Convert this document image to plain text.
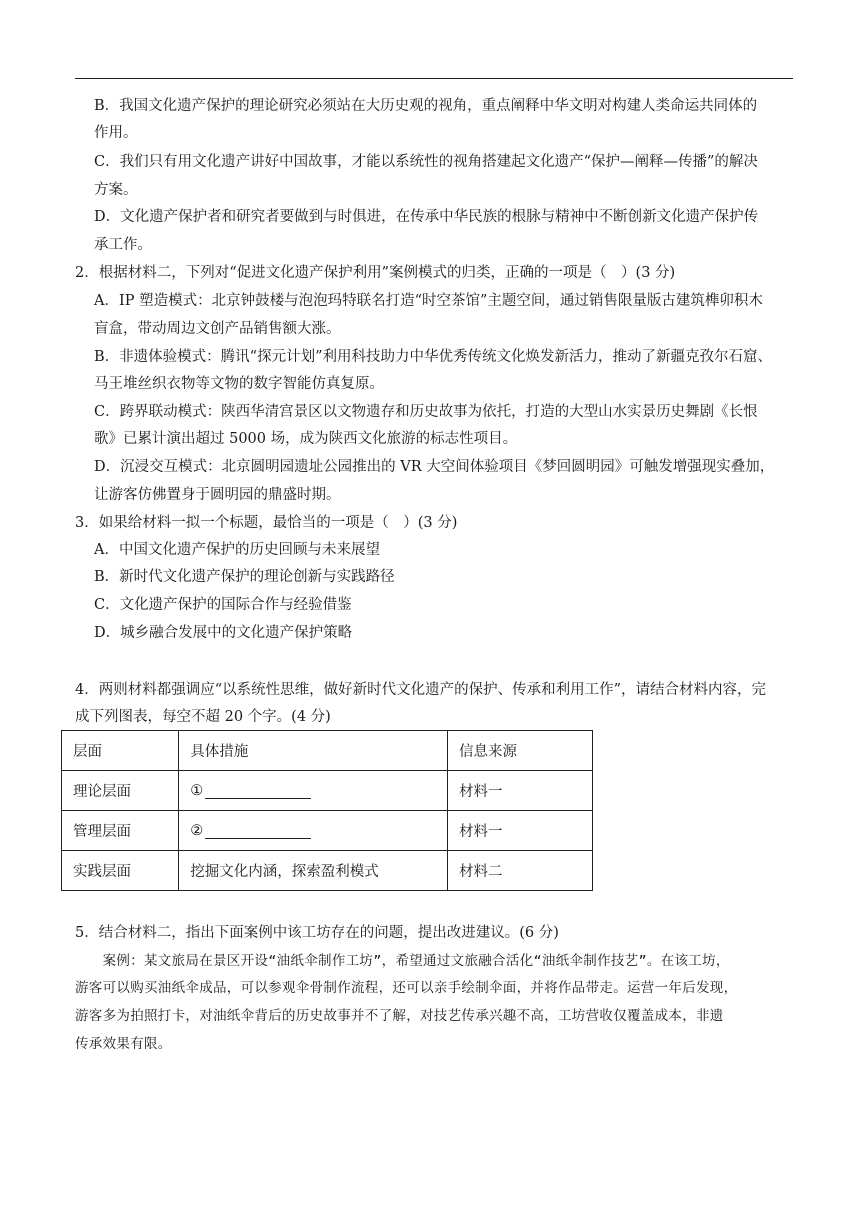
B．我国文化遗产保护的理论研究必须站在大历史观的视角，重点阐释中华文明对构建人类命运共同体的
作用。
C．我们只有用文化遗产讲好中国故事，才能以系统性的视角搭建起文化遗产“保护—阐释—传播”的解决
方案。
D．文化遗产保护者和研究者要做到与时俱进，在传承中华民族的根脉与精神中不断创新文化遗产保护传
承工作。
2．根据材料二，下列对“促进文化遗产保护利用”案例模式的归类，正确的一项是（　）(3 分)
A．IP 塑造模式：北京钟鼓楼与泡泡玛特联名打造“时空茶馆”主题空间，通过销售限量版古建筑榫卯积木
盲盒，带动周边文创产品销售额大涨。
B．非遗体验模式：腾讯“探元计划”利用科技助力中华优秀传统文化焕发新活力，推动了新疆克孜尔石窟、
马王堆丝织衣物等文物的数字智能仿真复原。
C．跨界联动模式：陕西华清宫景区以文物遗存和历史故事为依托，打造的大型山水实景历史舞剧《长恨
歌》已累计演出超过 5000 场，成为陕西文化旅游的标志性项目。
D．沉浸交互模式：北京圆明园遗址公园推出的 VR 大空间体验项目《梦回圆明园》可触发增强现实叠加，
让游客仿佛置身于圆明园的鼎盛时期。
3．如果给材料一拟一个标题，最恰当的一项是（　）(3 分)
A．中国文化遗产保护的历史回顾与未来展望
B．新时代文化遗产保护的理论创新与实践路径
C．文化遗产保护的国际合作与经验借鉴
D．城乡融合发展中的文化遗产保护策略
4．两则材料都强调应“以系统性思维，做好新时代文化遗产的保护、传承和利用工作”，请结合材料内容，完
成下列图表，每空不超 20 个字。(4 分)
层面	具体措施	信息来源
理论层面	①	材料一
管理层面	②	材料一
实践层面	挖掘文化内涵，探索盈利模式	材料二
5．结合材料二，指出下面案例中该工坊存在的问题，提出改进建议。(6 分)
　　案例：某文旅局在景区开设“油纸伞制作工坊”，希望通过文旅融合活化“油纸伞制作技艺”。在该工坊，
游客可以购买油纸伞成品，可以参观伞骨制作流程，还可以亲手绘制伞面，并将作品带走。运营一年后发现，
游客多为拍照打卡，对油纸伞背后的历史故事并不了解，对技艺传承兴趣不高，工坊营收仅覆盖成本，非遗
传承效果有限。
